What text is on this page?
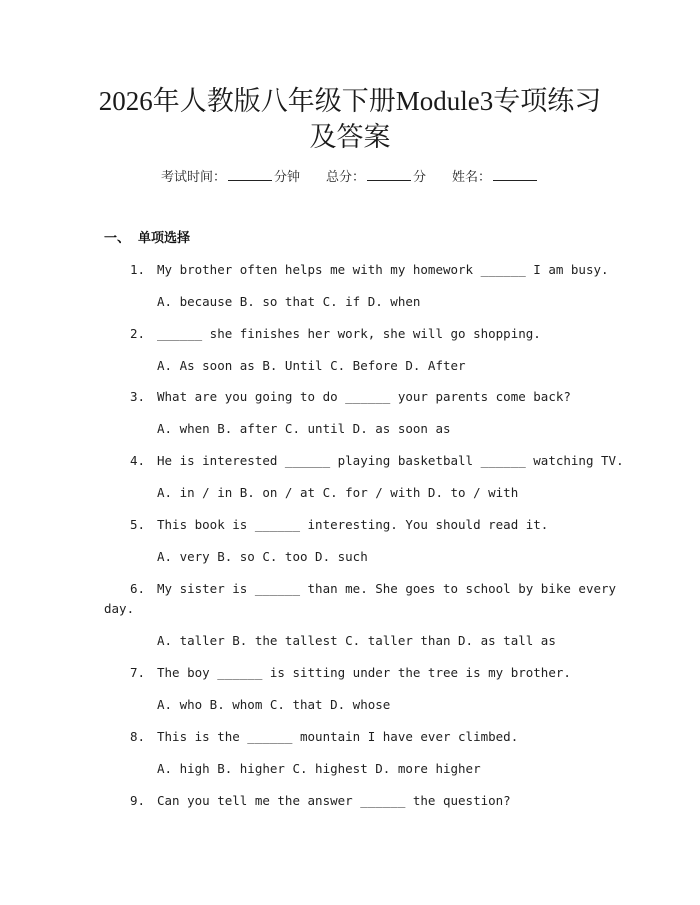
2026年人教版八年级下册Module3专项练习
及答案
考试时间：	分钟 总分：	分 姓名：
一、 单项选择
1. My brother often helps me with my homework ______ I am busy.
A. because B. so that C. if D. when
2. ______ she finishes her work, she will go shopping.
A. As soon as B. Until C. Before D. After
3. What are you going to do ______ your parents come back?
A. when B. after C. until D. as soon as
4. He is interested ______ playing basketball ______ watching TV.
A. in / in B. on / at C. for / with D. to / with
5. This book is ______ interesting. You should read it.
A. very B. so C. too D. such
6. My sister is ______ than me. She goes to school by bike every
day.
A. taller B. the tallest C. taller than D. as tall as
7. The boy ______ is sitting under the tree is my brother.
A. who B. whom C. that D. whose
8. This is the ______ mountain I have ever climbed.
A. high B. higher C. highest D. more higher
9. Can you tell me the answer ______ the question?
